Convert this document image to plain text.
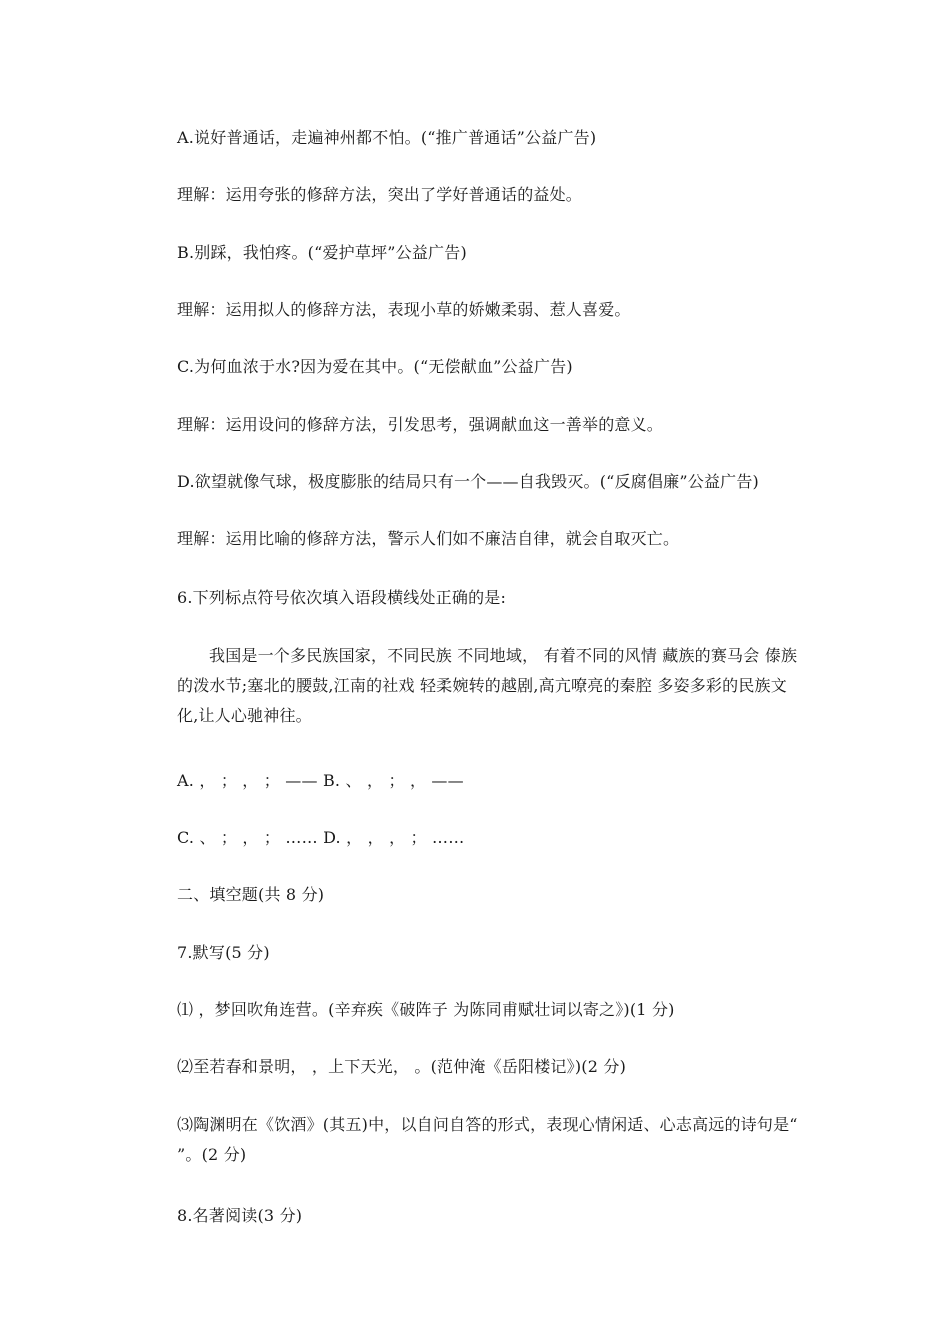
A.说好普通话，走遍神州都不怕。(“推广普通话”公益广告)
理解：运用夸张的修辞方法，突出了学好普通话的益处。
B.别踩，我怕疼。(“爱护草坪”公益广告)
理解：运用拟人的修辞方法，表现小草的娇嫩柔弱、惹人喜爱。
C.为何血浓于水?因为爱在其中。(“无偿献血”公益广告)
理解：运用设问的修辞方法，引发思考，强调献血这一善举的意义。
D.欲望就像气球，极度膨胀的结局只有一个——自我毁灭。(“反腐倡廉”公益广告)
理解：运用比喻的修辞方法，警示人们如不廉洁自律，就会自取灭亡。
6.下列标点符号依次填入语段横线处正确的是:
我国是一个多民族国家，不同民族 不同地域， 有着不同的风情 藏族的赛马会 傣族的泼水节;塞北的腰鼓,江南的社戏 轻柔婉转的越剧,高亢嘹亮的秦腔 多姿多彩的民族文化,让人心驰神往。
A. ， ； ， ； —— B. 、 ， ； ， ——
C. 、 ； ， ； …… D. ， ， ， ； ……
二、填空题(共 8 分)
7.默写(5 分)
⑴ ，梦回吹角连营。(辛弃疾《破阵子 为陈同甫赋壮词以寄之》)(1 分)
⑵至若春和景明， ，上下天光， 。(范仲淹《岳阳楼记》)(2 分)
⑶陶渊明在《饮酒》(其五)中，以自问自答的形式，表现心情闲适、心志高远的诗句是“ ”。(2 分)
8.名著阅读(3 分)
